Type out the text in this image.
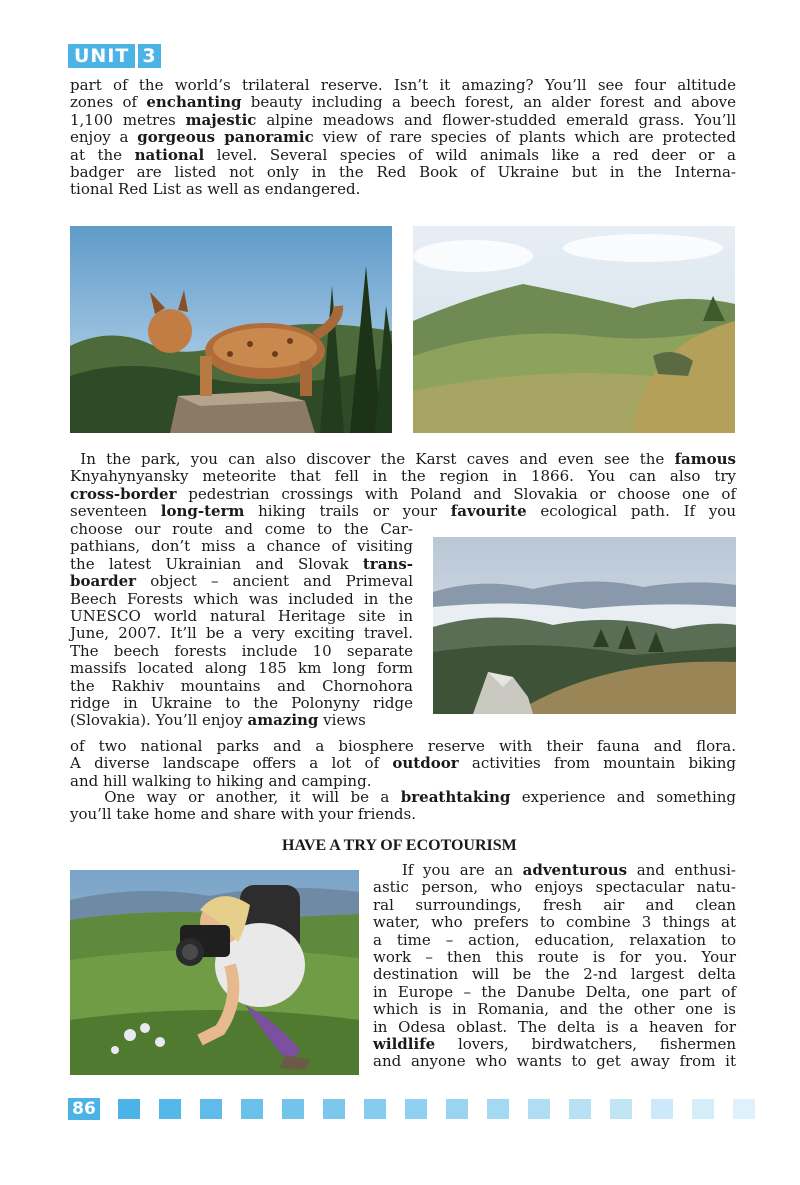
UNIT 3
part of the world’s trilateral reserve. Isn’t it amazing? You’ll see four altitude
zones of enchanting beauty including a beech forest, an alder forest and above
1,100 metres majestic alpine meadows and flower-studded emerald grass. You’ll
enjoy a gorgeous panoramic view of rare species of plants which are protected
at the national level. Several species of wild animals like a red deer or a
badger are listed not only in the Red Book of Ukraine but in the Interna-
tional Red List as well as endangered.
In the park, you can also discover the Karst caves and even see the famous
Knyahynyansky meteorite that fell in the region in 1866. You can also try
cross-border pedestrian crossings with Poland and Slovakia or choose one of
seventeen long-term hiking trails or your favourite ecological path. If you
choose our route and come to the Car-
pathians, don’t miss a chance of visiting
the latest Ukrainian and Slovak trans-
boarder object – ancient and Primeval
Beech Forests which was included in the
UNESCO world natural Heritage site in
June, 2007. It’ll be a very exciting travel.
The beech forests include 10 separate
massifs located along 185 km long form
the Rakhiv mountains and Chornohora
ridge in Ukraine to the Polonyny ridge
(Slovakia). You’ll enjoy amazing views
of two national parks and a biosphere reserve with their fauna and flora.
A diverse landscape offers a lot of outdoor activities from mountain biking
and hill walking to hiking and camping.
One way or another, it will be a breathtaking experience and something
you’ll take home and share with your friends.
HAVE A TRY OF ECOTOURISM
If you are an adventurous and enthusi-
astic person, who enjoys spectacular natu-
ral surroundings, fresh air and clean
water, who prefers to combine 3 things at
a time – action, education, relaxation to
work – then this route is for you. Your
destination will be the 2-nd largest delta
in Europe – the Danube Delta, one part of
which is in Romania, and the other one is
in Odesa oblast. The delta is a heaven for
wildlife lovers, birdwatchers, fishermen
and anyone who wants to get away from it
86
